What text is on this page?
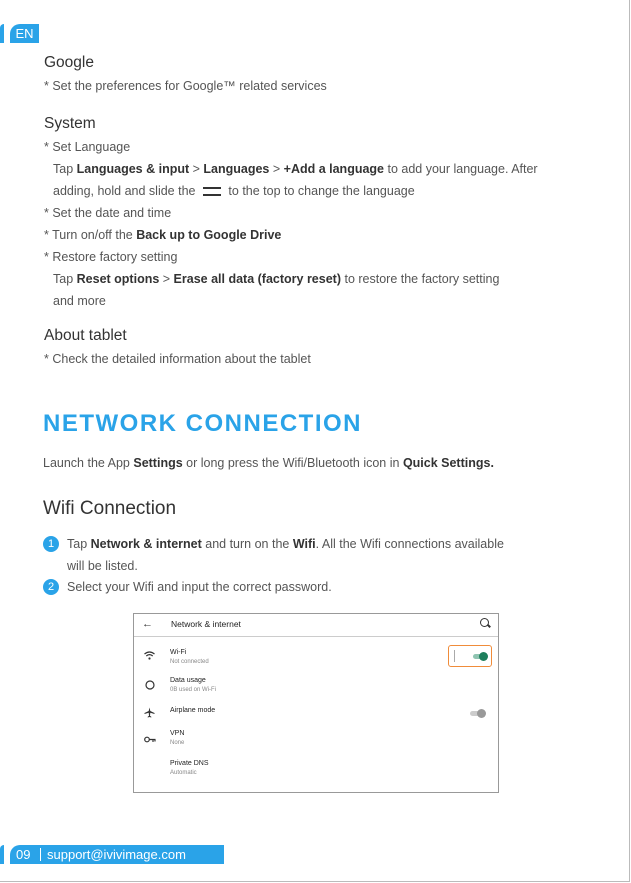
EN
Google
* Set the preferences for Google™ related services
System
* Set Language
Tap Languages & input > Languages > +Add a language to add your language. After
adding, hold and slide the  to the top to change the language
* Set the date and time
* Turn on/off the Back up to Google Drive
* Restore factory setting
Tap Reset options > Erase all data (factory reset) to restore the factory setting
and more
About tablet
* Check the detailed information about the tablet
NETWORK CONNECTION
Launch the App Settings or long press the Wifi/Bluetooth icon in Quick Settings.
Wifi Connection
1 Tap Network & internet and turn on the Wifi. All the Wifi connections available
will be listed.
2 Select your Wifi and input the correct password.
← Network & internet
Wi-Fi
Not connected
Data usage
0B used on Wi-Fi
Airplane mode
VPN
None
Private DNS
Automatic
09 support@ivivimage.com
